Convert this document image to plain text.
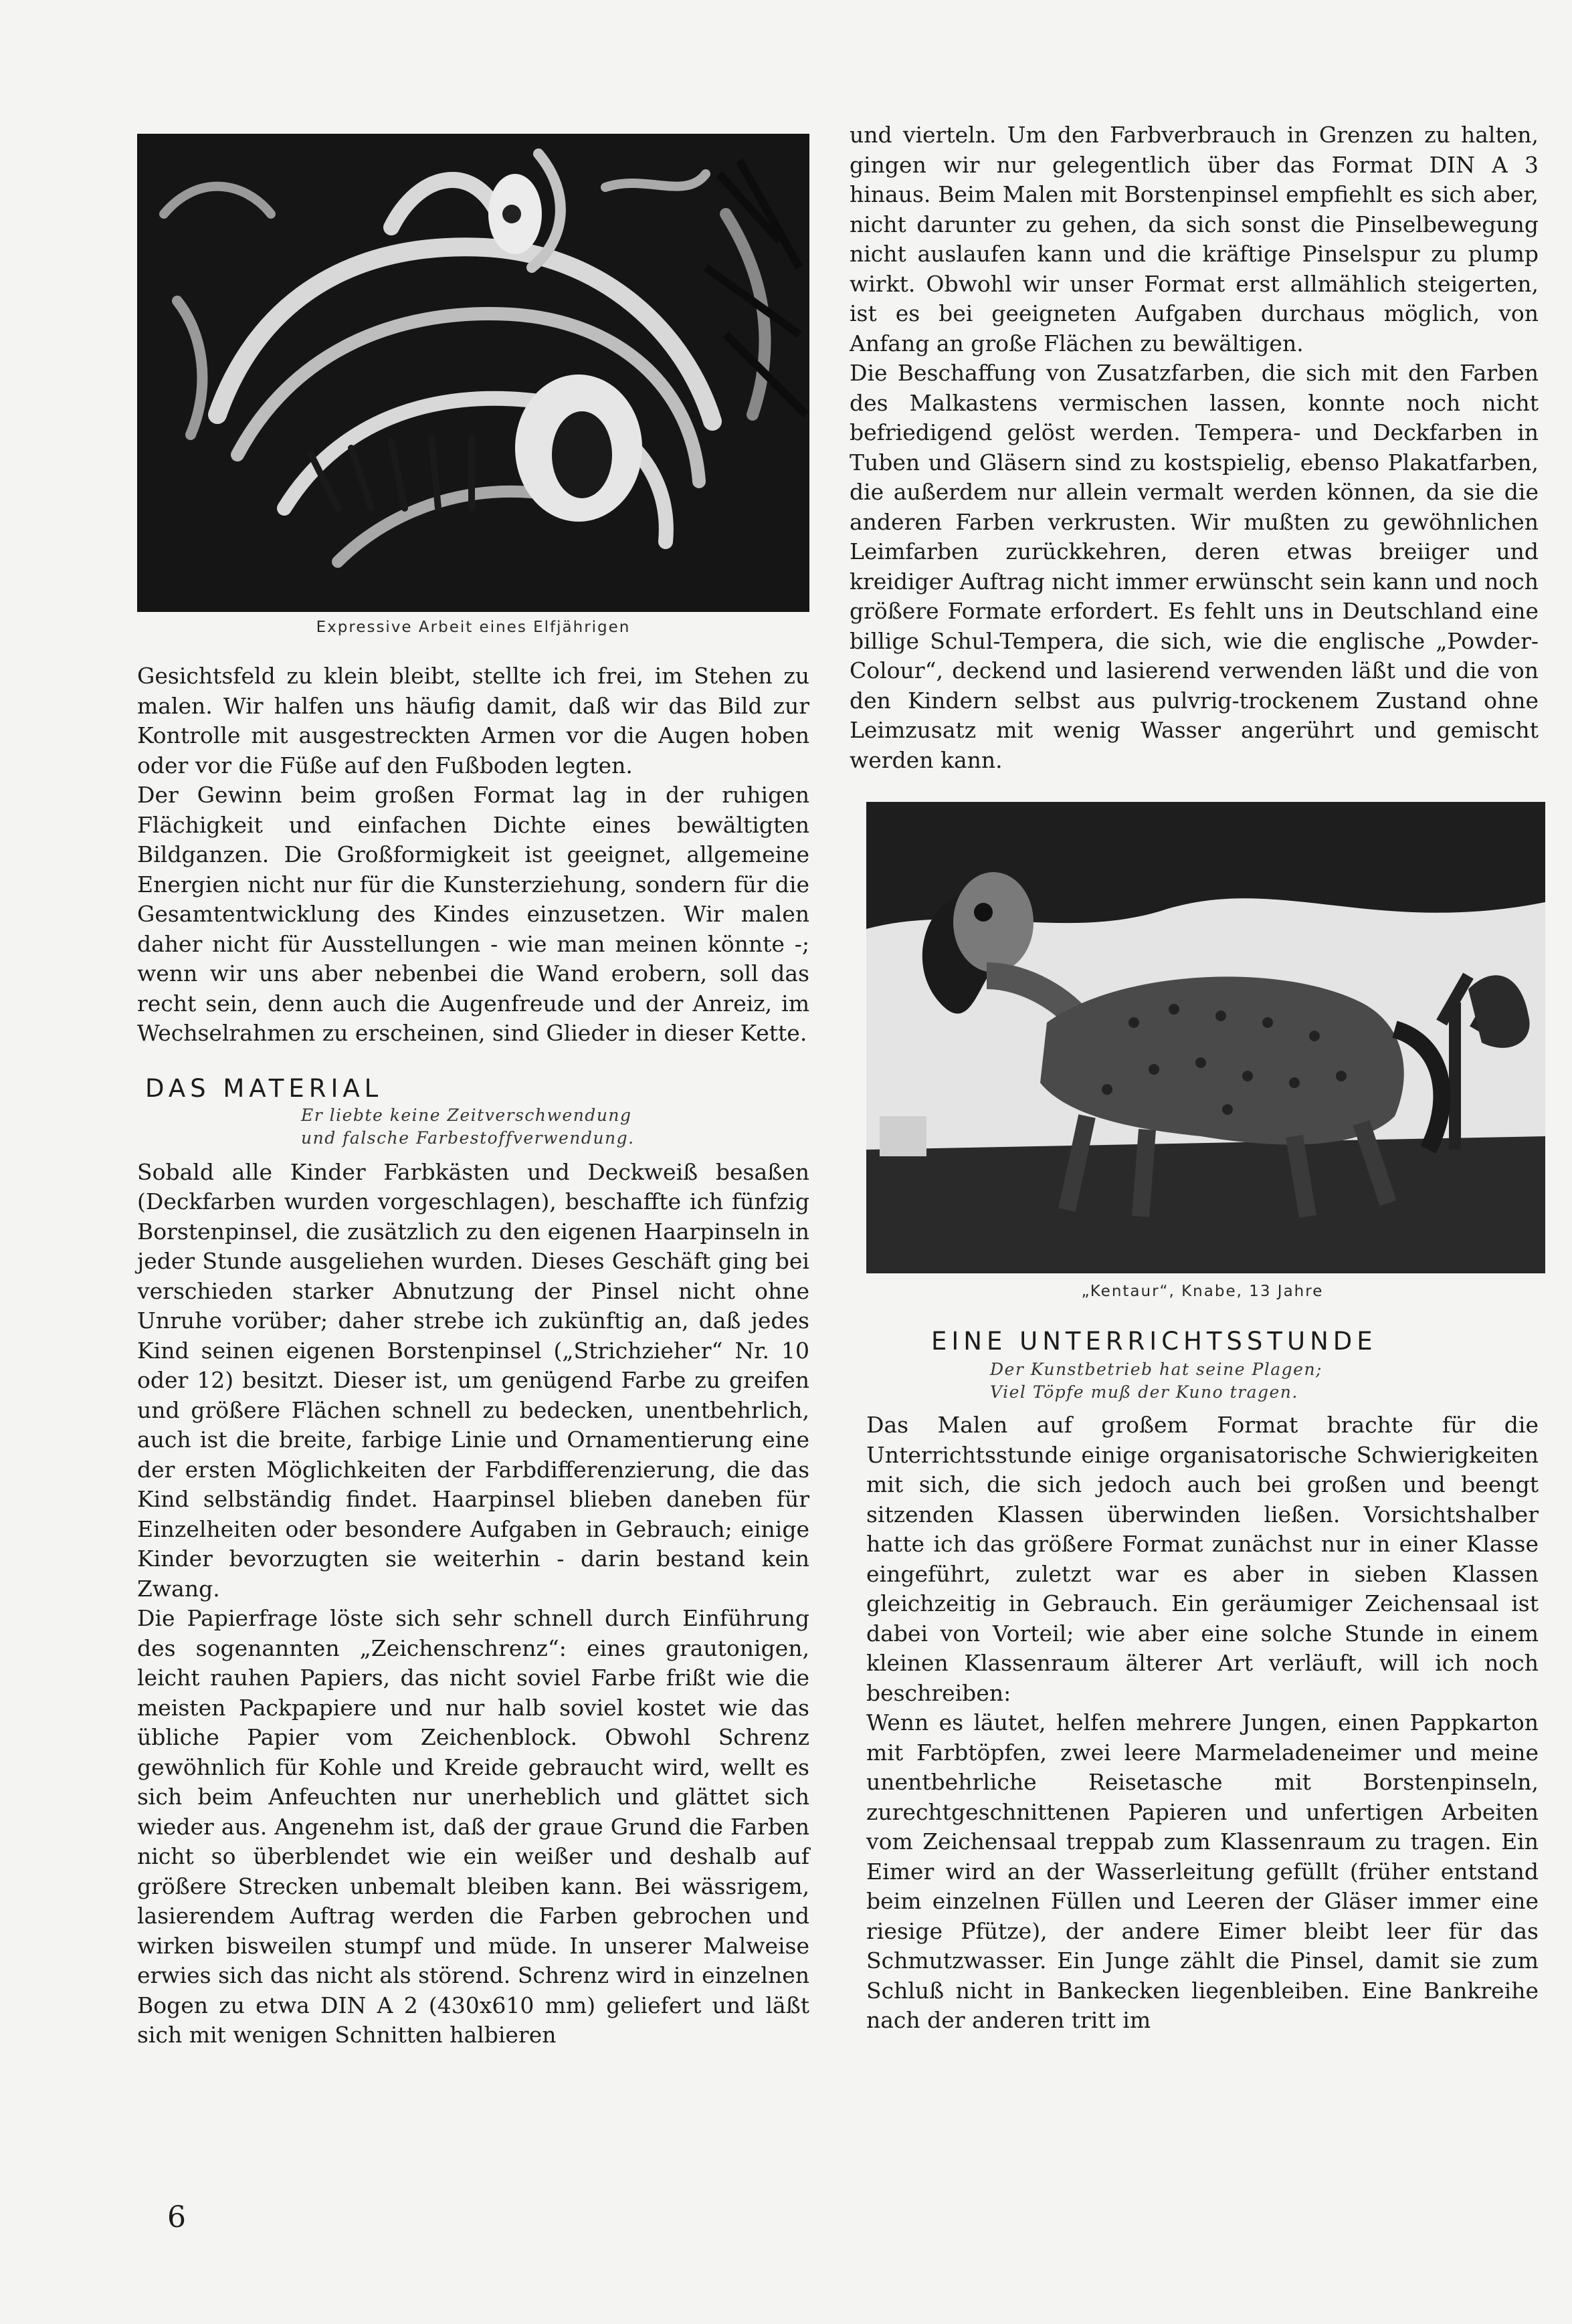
Expressive Arbeit eines Elfjährigen

Gesichtsfeld zu klein bleibt, stellte ich frei, im Stehen zu malen. Wir halfen uns häufig damit, daß wir das Bild zur Kontrolle mit ausgestreckten Armen vor die Augen hoben oder vor die Füße auf den Fußboden legten.

Der Gewinn beim großen Format lag in der ruhigen Flächigkeit und einfachen Dichte eines bewältigten Bildganzen. Die Großformigkeit ist geeignet, allgemeine Energien nicht nur für die Kunsterziehung, sondern für die Gesamtentwicklung des Kindes einzusetzen. Wir malen daher nicht für Ausstellungen - wie man meinen könnte -; wenn wir uns aber nebenbei die Wand erobern, soll das recht sein, denn auch die Augenfreude und der Anreiz, im Wechselrahmen zu erscheinen, sind Glieder in dieser Kette.

DAS MATERIAL
Er liebte keine Zeitverschwendung
und falsche Farbestoffverwendung.

Sobald alle Kinder Farbkästen und Deckweiß besaßen (Deckfarben wurden vorgeschlagen), beschaffte ich fünfzig Borstenpinsel, die zusätzlich zu den eigenen Haarpinseln in jeder Stunde ausgeliehen wurden. Dieses Geschäft ging bei verschieden starker Abnutzung der Pinsel nicht ohne Unruhe vorüber; daher strebe ich zukünftig an, daß jedes Kind seinen eigenen Borstenpinsel („Strichzieher“ Nr. 10 oder 12) besitzt. Dieser ist, um genügend Farbe zu greifen und größere Flächen schnell zu bedecken, unentbehrlich, auch ist die breite, farbige Linie und Ornamentierung eine der ersten Möglichkeiten der Farbdifferenzierung, die das Kind selbständig findet. Haarpinsel blieben daneben für Einzelheiten oder besondere Aufgaben in Gebrauch; einige Kinder bevorzugten sie weiterhin - darin bestand kein Zwang.

Die Papierfrage löste sich sehr schnell durch Einführung des sogenannten „Zeichenschrenz“: eines grautonigen, leicht rauhen Papiers, das nicht soviel Farbe frißt wie die meisten Packpapiere und nur halb soviel kostet wie das übliche Papier vom Zeichenblock. Obwohl Schrenz gewöhnlich für Kohle und Kreide gebraucht wird, wellt es sich beim Anfeuchten nur unerheblich und glättet sich wieder aus. Angenehm ist, daß der graue Grund die Farben nicht so überblendet wie ein weißer und deshalb auf größere Strecken unbemalt bleiben kann. Bei wässrigem, lasierendem Auftrag werden die Farben gebrochen und wirken bisweilen stumpf und müde. In unserer Malweise erwies sich das nicht als störend. Schrenz wird in einzelnen Bogen zu etwa DIN A 2 (430x610 mm) geliefert und läßt sich mit wenigen Schnitten halbieren

und vierteln. Um den Farbverbrauch in Grenzen zu halten, gingen wir nur gelegentlich über das Format DIN A 3 hinaus. Beim Malen mit Borstenpinsel empfiehlt es sich aber, nicht darunter zu gehen, da sich sonst die Pinselbewegung nicht auslaufen kann und die kräftige Pinselspur zu plump wirkt. Obwohl wir unser Format erst allmählich steigerten, ist es bei geeigneten Aufgaben durchaus möglich, von Anfang an große Flächen zu bewältigen.

Die Beschaffung von Zusatzfarben, die sich mit den Farben des Malkastens vermischen lassen, konnte noch nicht befriedigend gelöst werden. Tempera- und Deckfarben in Tuben und Gläsern sind zu kostspielig, ebenso Plakatfarben, die außerdem nur allein vermalt werden können, da sie die anderen Farben verkrusten. Wir mußten zu gewöhnlichen Leimfarben zurückkehren, deren etwas breiiger und kreidiger Auftrag nicht immer erwünscht sein kann und noch größere Formate erfordert. Es fehlt uns in Deutschland eine billige Schul-Tempera, die sich, wie die englische „Powder-Colour“, deckend und lasierend verwenden läßt und die von den Kindern selbst aus pulvrig-trockenem Zustand ohne Leimzusatz mit wenig Wasser angerührt und gemischt werden kann.

„Kentaur“, Knabe, 13 Jahre
EINE UNTERRICHTSSTUNDE
Der Kunstbetrieb hat seine Plagen;
Viel Töpfe muß der Kuno tragen.

Das Malen auf großem Format brachte für die Unterrichtsstunde einige organisatorische Schwierigkeiten mit sich, die sich jedoch auch bei großen und beengt sitzenden Klassen überwinden ließen. Vorsichtshalber hatte ich das größere Format zunächst nur in einer Klasse eingeführt, zuletzt war es aber in sieben Klassen gleichzeitig in Gebrauch. Ein geräumiger Zeichensaal ist dabei von Vorteil; wie aber eine solche Stunde in einem kleinen Klassenraum älterer Art verläuft, will ich noch beschreiben:

Wenn es läutet, helfen mehrere Jungen, einen Pappkarton mit Farbtöpfen, zwei leere Marmeladeneimer und meine unentbehrliche Reisetasche mit Borstenpinseln, zurechtgeschnittenen Papieren und unfertigen Arbeiten vom Zeichensaal treppab zum Klassenraum zu tragen. Ein Eimer wird an der Wasserleitung gefüllt (früher entstand beim einzelnen Füllen und Leeren der Gläser immer eine riesige Pfütze), der andere Eimer bleibt leer für das Schmutzwasser. Ein Junge zählt die Pinsel, damit sie zum Schluß nicht in Bankecken liegenbleiben. Eine Bankreihe nach der anderen tritt im

6
